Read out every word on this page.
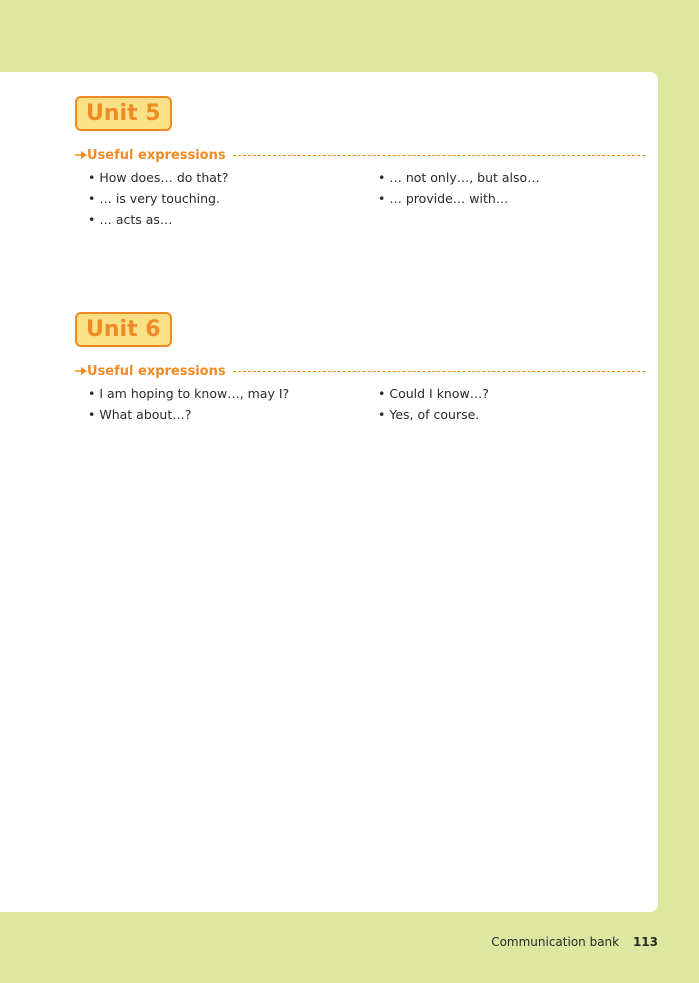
Unit 5
Useful expressions
• How does… do that?
• … is very touching.
• … acts as…
• … not only…, but also…
• … provide… with…
Unit 6
Useful expressions
• I am hoping to know…, may I?
• What about…?
• Could I know…?
• Yes, of course.
Communication bank 113
